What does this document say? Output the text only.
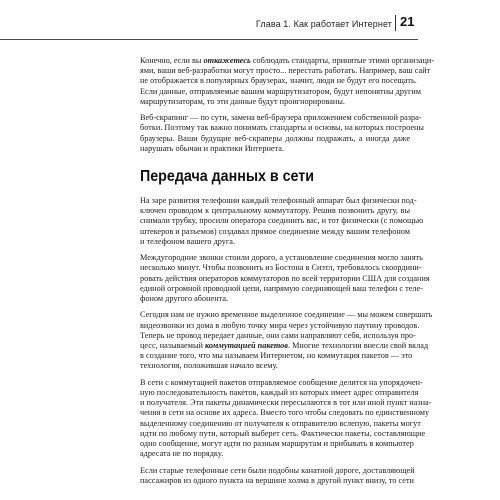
Глава 1. Как работает Интернет 21

Конечно, если вы откажетесь соблюдать стандарты, принятые этими организаци-
ями, ваши веб-разработки могут просто... перестать работать. Например, ваш сайт
не отображается в популярных браузерах, значит, люди не будут его посещать.
Если данные, отправляемые вашим маршрутизатором, будут непонятны другим
маршрутизаторам, то эти данные будут проигнорированы.

Веб-скрапинг — по сути, замена веб-браузера приложением собственной разра-
ботки. Поэтому так важно понимать стандарты и основы, на которых построены
браузеры. Ваши будущие веб-скраперы должны подражать, а иногда даже
нарушать обычаи и практики Интернета.

Передача данных в сети

На заре развития телефонии каждый телефонный аппарат был физически под-
ключен проводом к центральному коммутатору. Решив позвонить другу, вы
снимали трубку, просили оператора соединить вас, и тот физически (с помощью
штекеров и разъемов) создавал прямое соединение между вашим телефоном
и телефоном вашего друга.

Междугородние звонки стоили дорого, а установление соединения могло занять
несколько минут. Чтобы позвонить из Бостона в Сиэтл, требовалось скоордини-
ровать действия операторов коммутаторов по всей территории США для создания
единой огромной проводной цепи, напрямую соединяющей ваш телефон с теле-
фоном другого абонента.

Сегодня нам не нужно временное выделенное соединение — мы можем совершать
видеозвонки из дома в любую точку мира через устойчивую паутину проводов.
Теперь не провод передает данные, они сами направляют себя, используя про-
цесс, называемый коммутацией пакетов. Многие технологии внесли свой вклад
в создание того, что мы называем Интернетом, но коммутация пакетов — это
технология, положившая начало всему.

В сети с коммутацией пакетов отправляемое сообщение делится на упорядочен-
ную последовательность пакетов, каждый из которых имеет адрес отправителя
и получателя. Эти пакеты динамически пересылаются в тот или иной пункт назна-
чения в сети на основе их адреса. Вместо того чтобы следовать по единственному
выделенному соединению от получателя к отправителю вслепую, пакеты могут
идти по любому пути, который выберет сеть. Фактически пакеты, составляющие
одно сообщение, могут идти по разным маршрутам и прибывать в компьютер
адресата не по порядку.

Если старые телефонные сети были подобны канатной дороге, доставляющей
пассажиров из одного пункта на вершине холма в другой пункт внизу, то сети
